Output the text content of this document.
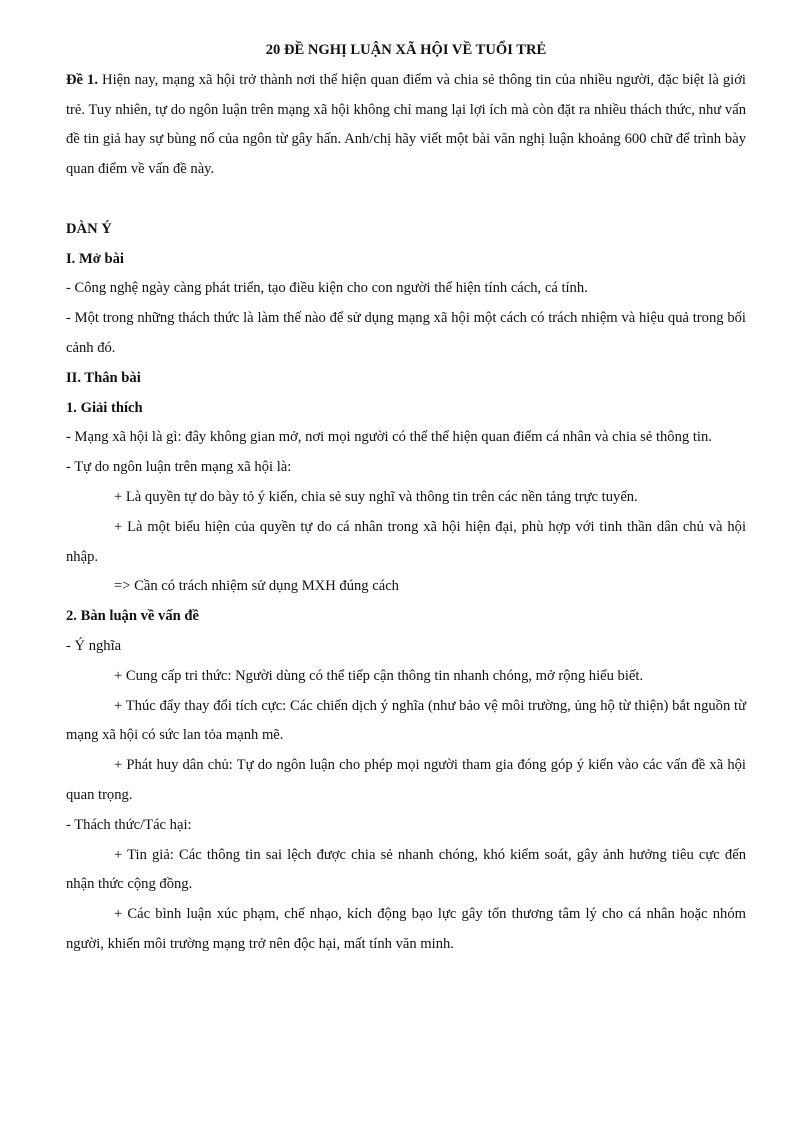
20 ĐỀ NGHỊ LUẬN XÃ HỘI VỀ TUỔI TRẺ

Đề 1. Hiện nay, mạng xã hội trở thành nơi thể hiện quan điểm và chia sẻ thông tin của nhiều người, đặc biệt là giới trẻ. Tuy nhiên, tự do ngôn luận trên mạng xã hội không chỉ mang lại lợi ích mà còn đặt ra nhiều thách thức, như vấn đề tin giả hay sự bùng nổ của ngôn từ gây hấn. Anh/chị hãy viết một bài văn nghị luận khoảng 600 chữ để trình bày quan điểm về vấn đề này.

DÀN Ý

I. Mở bài

- Công nghệ ngày càng phát triển, tạo điều kiện cho con người thể hiện tính cách, cá tính.

- Một trong những thách thức là làm thế nào để sử dụng mạng xã hội một cách có trách nhiệm và hiệu quả trong bối cảnh đó.

II. Thân bài

1. Giải thích

- Mạng xã hội là gì: đây không gian mở, nơi mọi người có thể thể hiện quan điểm cá nhân và chia sẻ thông tin.

- Tự do ngôn luận trên mạng xã hội là:

+ Là quyền tự do bày tỏ ý kiến, chia sẻ suy nghĩ và thông tin trên các nền tảng trực tuyến.

+ Là một biểu hiện của quyền tự do cá nhân trong xã hội hiện đại, phù hợp với tinh thần dân chủ và hội nhập.

=> Cần có trách nhiệm sử dụng MXH đúng cách

2. Bàn luận về vấn đề

- Ý nghĩa

+ Cung cấp tri thức: Người dùng có thể tiếp cận thông tin nhanh chóng, mở rộng hiểu biết.

+ Thúc đẩy thay đổi tích cực: Các chiến dịch ý nghĩa (như bảo vệ môi trường, ủng hộ từ thiện) bắt nguồn từ mạng xã hội có sức lan tỏa mạnh mẽ.

+ Phát huy dân chủ: Tự do ngôn luận cho phép mọi người tham gia đóng góp ý kiến vào các vấn đề xã hội quan trọng.

- Thách thức/Tác hại:

+ Tin giả: Các thông tin sai lệch được chia sẻ nhanh chóng, khó kiểm soát, gây ảnh hưởng tiêu cực đến nhận thức cộng đồng.

+ Các bình luận xúc phạm, chế nhạo, kích động bạo lực gây tổn thương tâm lý cho cá nhân hoặc nhóm người, khiến môi trường mạng trở nên độc hại, mất tính văn minh.
